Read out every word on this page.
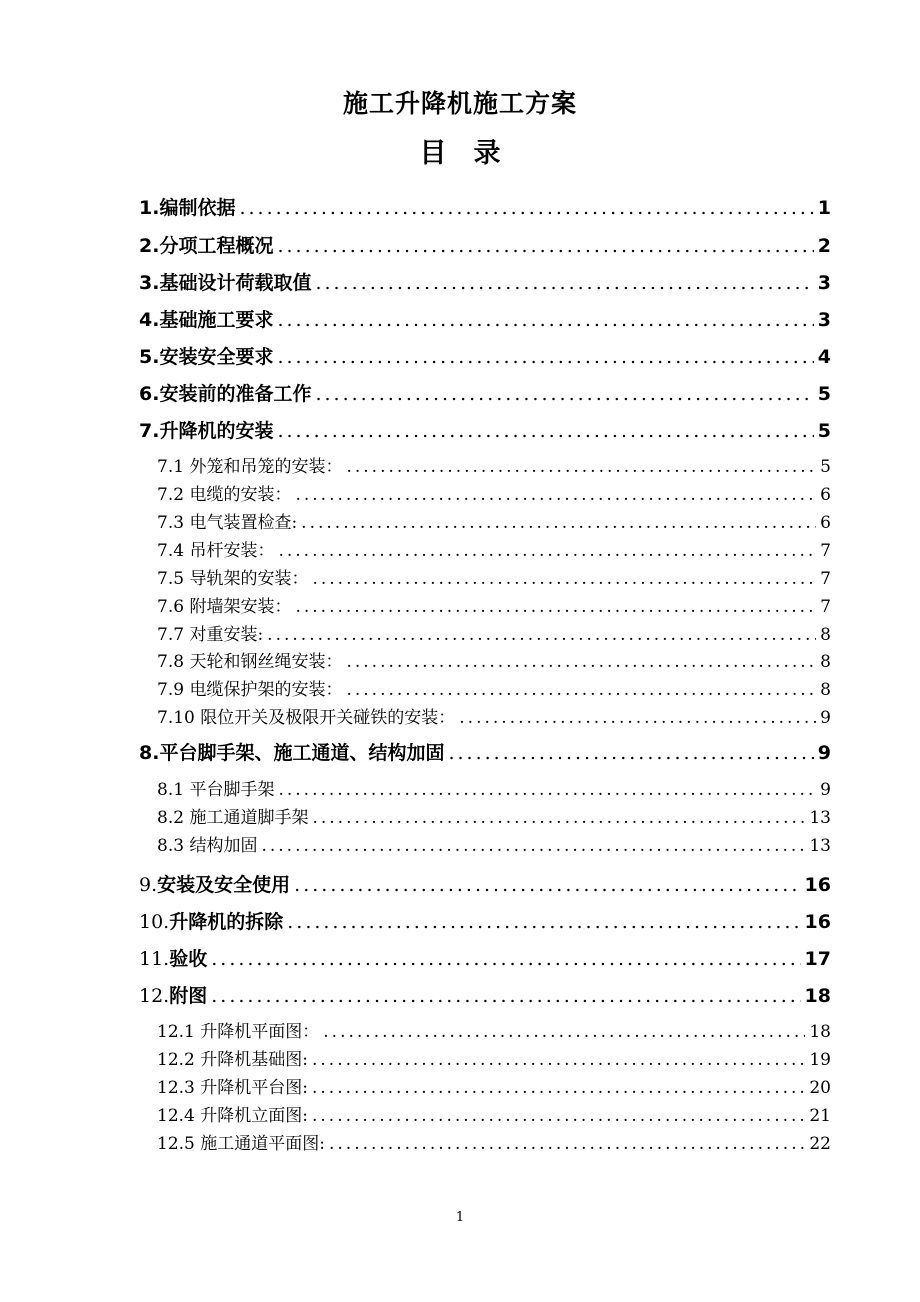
施工升降机施工方案
目　录
1.编制依据 .....	1
2.分项工程概况 .....	2
3.基础设计荷载取值 .....	3
4.基础施工要求 .....	3
5.安装安全要求 .....	4
6.安装前的准备工作 .....	5
7.升降机的安装 .....	5
7.1 外笼和吊笼的安装： .....	5
7.2 电缆的安装： .....	6
7.3 电气装置检查: .....	6
7.4 吊杆安装： .....	7
7.5 导轨架的安装： .....	7
7.6 附墙架安装： .....	7
7.7 对重安装: .....	8
7.8 天轮和钢丝绳安装： .....	8
7.9 电缆保护架的安装： .....	8
7.10 限位开关及极限开关碰铁的安装： .....	9
8.平台脚手架、施工通道、结构加固 .....	9
8.1 平台脚手架 .....	9
8.2 施工通道脚手架 .....	13
8.3 结构加固 .....	13
9.安装及安全使用 .....	16
10.升降机的拆除 .....	16
11.验收 .....	17
12.附图 .....	18
12.1 升降机平面图： .....	18
12.2 升降机基础图: .....	19
12.3 升降机平台图: .....	20
12.4 升降机立面图: .....	21
12.5 施工通道平面图: .....	22
1
